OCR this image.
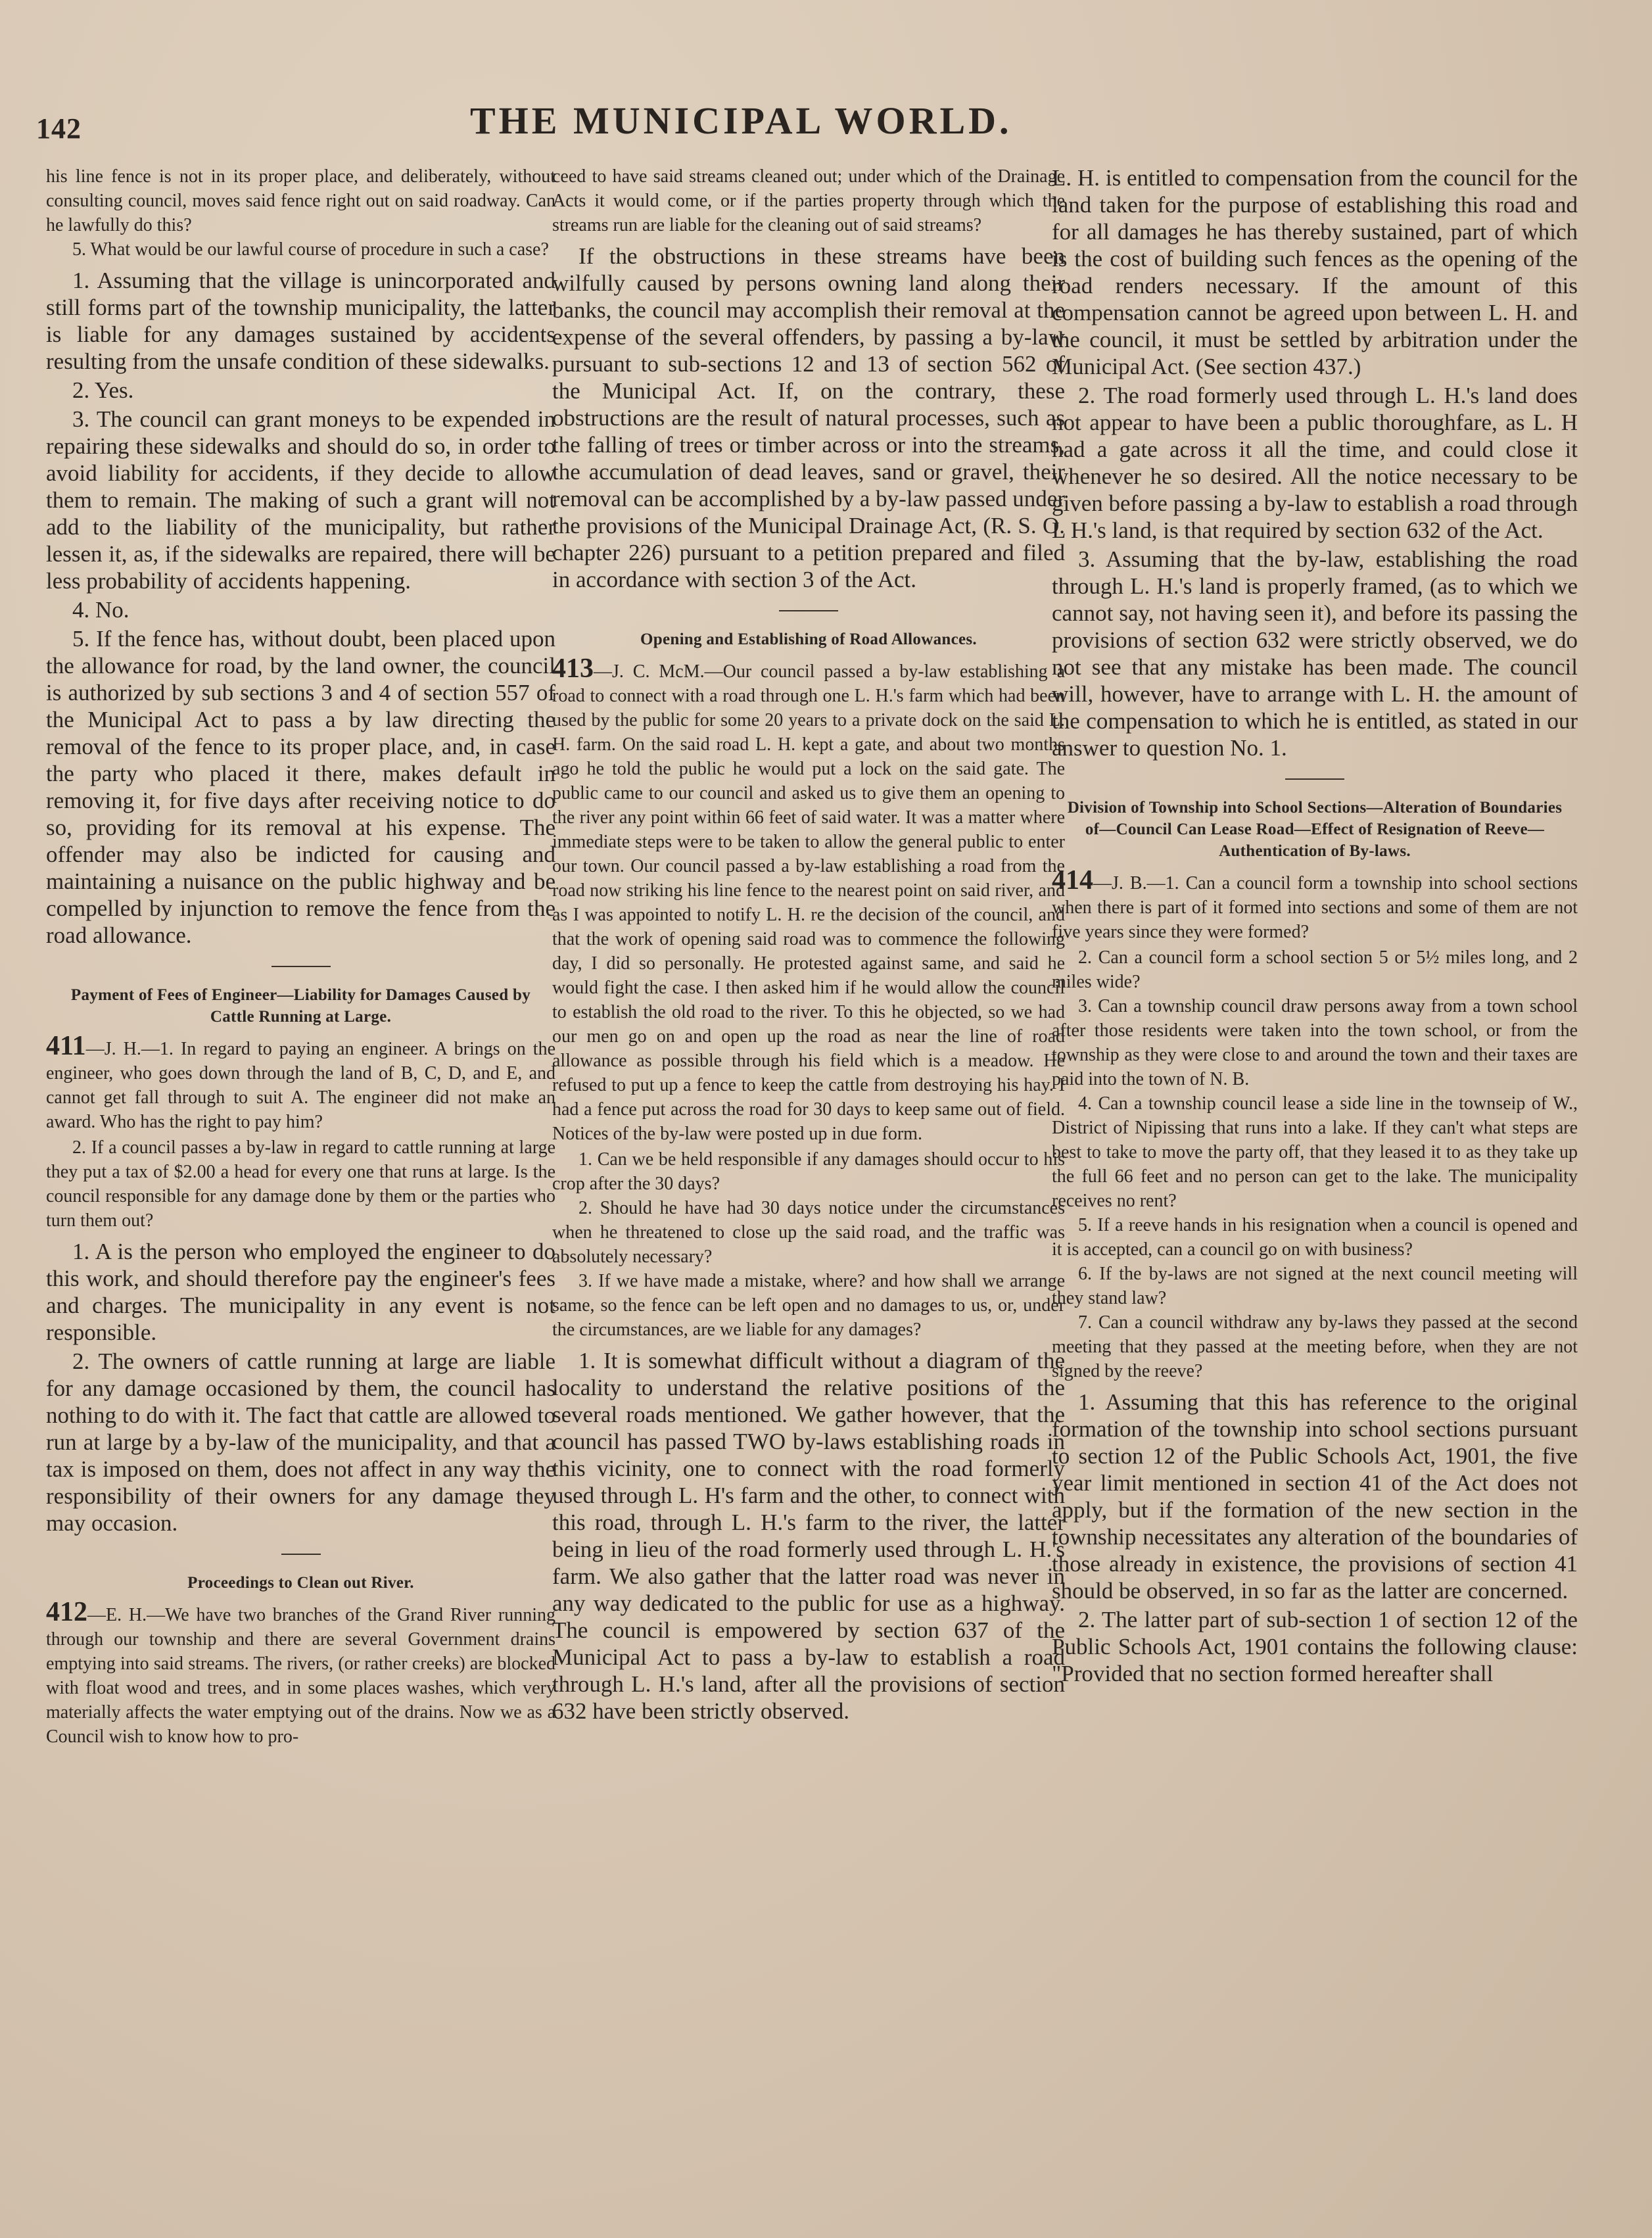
142	THE MUNICIPAL WORLD.

his line fence is not in its proper place, and deliberately, without consulting council, moves said fence right out on said roadway. Can he lawfully do this?

5. What would be our lawful course of procedure in such a case?

1. Assuming that the village is unincorporated and still forms part of the township municipality, the latter is liable for any damages sustained by accidents resulting from the unsafe condition of these sidewalks.

2. Yes.

3. The council can grant moneys to be expended in repairing these sidewalks and should do so, in order to avoid liability for accidents, if they decide to allow them to remain. The making of such a grant will not add to the liability of the municipality, but rather lessen it, as, if the sidewalks are repaired, there will be less probability of accidents happening.

4. No.

5. If the fence has, without doubt, been placed upon the allowance for road, by the land owner, the council is authorized by sub sections 3 and 4 of section 557 of the Municipal Act to pass a by law directing the removal of the fence to its proper place, and, in case the party who placed it there, makes default in removing it, for five days after receiving notice to do so, providing for its removal at his expense. The offender may also be indicted for causing and maintaining a nuisance on the public highway and be compelled by injunction to remove the fence from the road allowance.

Payment of Fees of Engineer—Liability for Damages Caused by Cattle Running at Large.

411—J. H.—1. In regard to paying an engineer. A brings on the engineer, who goes down through the land of B, C, D, and E, and cannot get fall through to suit A. The engineer did not make an award. Who has the right to pay him?

2. If a council passes a by-law in regard to cattle running at large they put a tax of $2.00 a head for every one that runs at large. Is the council responsible for any damage done by them or the parties who turn them out?

1. A is the person who employed the engineer to do this work, and should therefore pay the engineer's fees and charges. The municipality in any event is not responsible.

2. The owners of cattle running at large are liable for any damage occasioned by them, the council has nothing to do with it. The fact that cattle are allowed to run at large by a by-law of the municipality, and that a tax is imposed on them, does not affect in any way the responsibility of their owners for any damage they may occasion.

Proceedings to Clean out River.

412—E. H.—We have two branches of the Grand River running through our township and there are several Government drains emptying into said streams. The rivers, (or rather creeks) are blocked with float wood and trees, and in some places washes, which very materially affects the water emptying out of the drains. Now we as a Council wish to know how to pro-

ceed to have said streams cleaned out; under which of the Drainage Acts it would come, or if the parties property through which the streams run are liable for the cleaning out of said streams?

If the obstructions in these streams have been wilfully caused by persons owning land along their banks, the council may accomplish their removal at the expense of the several offenders, by passing a by-law pursuant to sub-sections 12 and 13 of section 562 of the Municipal Act. If, on the contrary, these obstructions are the result of natural processes, such as the falling of trees or timber across or into the streams, the accumulation of dead leaves, sand or gravel, their removal can be accomplished by a by-law passed under the provisions of the Municipal Drainage Act, (R. S. O. chapter 226) pursuant to a petition prepared and filed in accordance with section 3 of the Act.

Opening and Establishing of Road Allowances.

413—J. C. McM.—Our council passed a by-law establishing a road to connect with a road through one L. H.'s farm which had been used by the public for some 20 years to a private dock on the said L. H. farm. On the said road L. H. kept a gate, and about two months ago he told the public he would put a lock on the said gate. The public came to our council and asked us to give them an opening to the river any point within 66 feet of said water. It was a matter where immediate steps were to be taken to allow the general public to enter our town. Our council passed a by-law establishing a road from the road now striking his line fence to the nearest point on said river, and as I was appointed to notify L. H. re the decision of the council, and that the work of opening said road was to commence the following day, I did so personally. He protested against same, and said he would fight the case. I then asked him if he would allow the council to establish the old road to the river. To this he objected, so we had our men go on and open up the road as near the line of road allowance as possible through his field which is a meadow. He refused to put up a fence to keep the cattle from destroying his hay. I had a fence put across the road for 30 days to keep same out of field. Notices of the by-law were posted up in due form.

1. Can we be held responsible if any damages should occur to his crop after the 30 days?

2. Should he have had 30 days notice under the circumstances when he threatened to close up the said road, and the traffic was absolutely necessary?

3. If we have made a mistake, where? and how shall we arrange same, so the fence can be left open and no damages to us, or, under the circumstances, are we liable for any damages?

1. It is somewhat difficult without a diagram of the locality to understand the relative positions of the several roads mentioned. We gather however, that the council has passed TWO by-laws establishing roads in this vicinity, one to connect with the road formerly used through L. H's farm and the other, to connect with this road, through L. H.'s farm to the river, the latter being in lieu of the road formerly used through L. H.'s farm. We also gather that the latter road was never in any way dedicated to the public for use as a highway. The council is empowered by section 637 of the Municipal Act to pass a by-law to establish a road through L. H.'s land, after all the provisions of section 632 have been strictly observed.

L. H. is entitled to compensation from the council for the land taken for the purpose of establishing this road and for all damages he has thereby sustained, part of which is the cost of building such fences as the opening of the road renders necessary. If the amount of this compensation cannot be agreed upon between L. H. and the council, it must be settled by arbitration under the Municipal Act. (See section 437.)

2. The road formerly used through L. H.'s land does not appear to have been a public thoroughfare, as L. H had a gate across it all the time, and could close it whenever he so desired. All the notice necessary to be given before passing a by-law to establish a road through L H.'s land, is that required by section 632 of the Act.

3. Assuming that the by-law, establishing the road through L. H.'s land is properly framed, (as to which we cannot say, not having seen it), and before its passing the provisions of section 632 were strictly observed, we do not see that any mistake has been made. The council will, however, have to arrange with L. H. the amount of the compensation to which he is entitled, as stated in our answer to question No. 1.

Division of Township into School Sections—Alteration of Boundaries of—Council Can Lease Road—Effect of Resignation of Reeve—Authentication of By-laws.

414—J. B.—1. Can a council form a township into school sections when there is part of it formed into sections and some of them are not five years since they were formed?

2. Can a council form a school section 5 or 5½ miles long, and 2 miles wide?

3. Can a township council draw persons away from a town school after those residents were taken into the town school, or from the township as they were close to and around the town and their taxes are paid into the town of N. B.

4. Can a township council lease a side line in the townseip of W., District of Nipissing that runs into a lake. If they can't what steps are best to take to move the party off, that they leased it to as they take up the full 66 feet and no person can get to the lake. The municipality receives no rent?

5. If a reeve hands in his resignation when a council is opened and it is accepted, can a council go on with business?

6. If the by-laws are not signed at the next council meeting will they stand law?

7. Can a council withdraw any by-laws they passed at the second meeting that they passed at the meeting before, when they are not signed by the reeve?

1. Assuming that this has reference to the original formation of the township into school sections pursuant to section 12 of the Public Schools Act, 1901, the five year limit mentioned in section 41 of the Act does not apply, but if the formation of the new section in the township necessitates any alteration of the boundaries of those already in existence, the provisions of section 41 should be observed, in so far as the latter are concerned.

2. The latter part of sub-section 1 of section 12 of the Public Schools Act, 1901 contains the following clause: "Provided that no section formed hereafter shall
